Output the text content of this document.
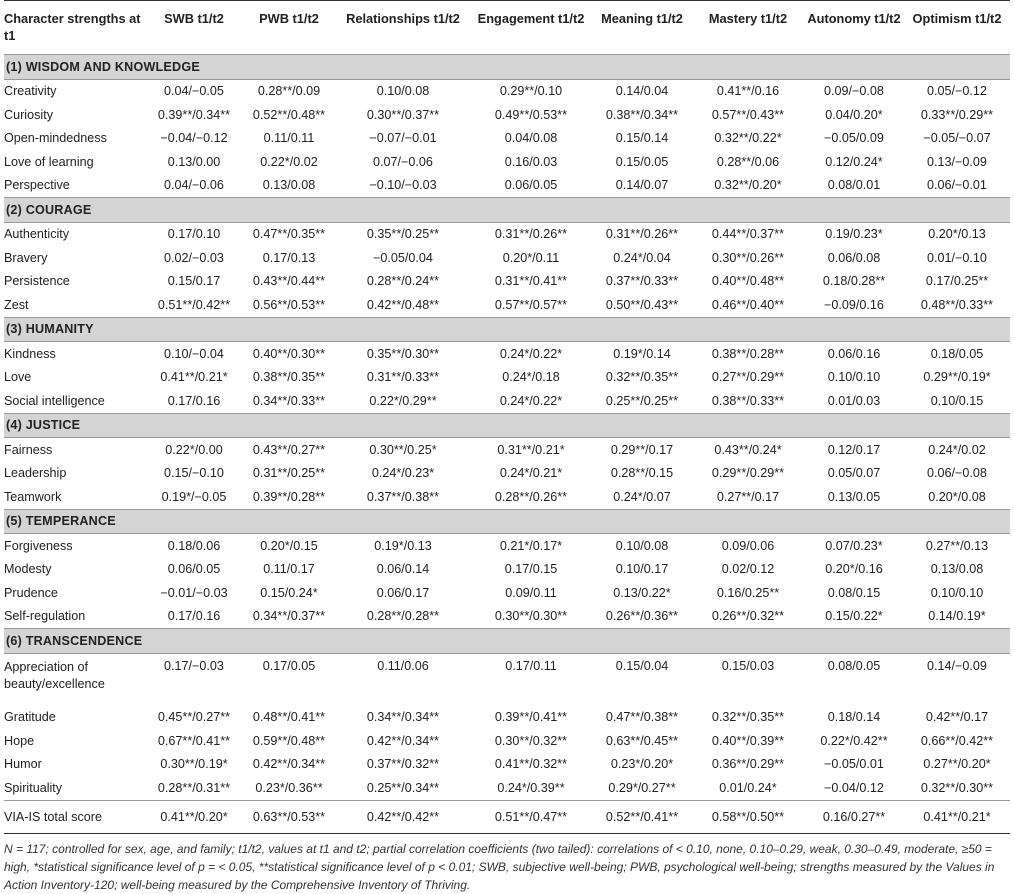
Character strengths at t1	SWB t1/t2	PWB t1/t2	Relationships t1/t2	Engagement t1/t2	Meaning t1/t2	Mastery t1/t2	Autonomy t1/t2	Optimism t1/t2
(1) WISDOM AND KNOWLEDGE								
Creativity	0.04/−0.05	0.28**/0.09	0.10/0.08	0.29**/0.10	0.14/0.04	0.41**/0.16	0.09/−0.08	0.05/−0.12
Curiosity	0.39**/0.34**	0.52**/0.48**	0.30**/0.37**	0.49**/0.53**	0.38**/0.34**	0.57**/0.43**	0.04/0.20*	0.33**/0.29**
Open-mindedness	−0.04/−0.12	0.11/0.11	−0.07/−0.01	0.04/0.08	0.15/0.14	0.32**/0.22*	−0.05/0.09	−0.05/−0.07
Love of learning	0.13/0.00	0.22*/0.02	0.07/−0.06	0.16/0.03	0.15/0.05	0.28**/0.06	0.12/0.24*	0.13/−0.09
Perspective	0.04/−0.06	0.13/0.08	−0.10/−0.03	0.06/0.05	0.14/0.07	0.32**/0.20*	0.08/0.01	0.06/−0.01
(2) COURAGE								
Authenticity	0.17/0.10	0.47**/0.35**	0.35**/0.25**	0.31**/0.26**	0.31**/0.26**	0.44**/0.37**	0.19/0.23*	0.20*/0.13
Bravery	0.02/−0.03	0.17/0.13	−0.05/0.04	0.20*/0.11	0.24*/0.04	0.30**/0.26**	0.06/0.08	0.01/−0.10
Persistence	0.15/0.17	0.43**/0.44**	0.28**/0.24**	0.31**/0.41**	0.37**/0.33**	0.40**/0.48**	0.18/0.28**	0.17/0.25**
Zest	0.51**/0.42**	0.56**/0.53**	0.42**/0.48**	0.57**/0.57**	0.50**/0.43**	0.46**/0.40**	−0.09/0.16	0.48**/0.33**
(3) HUMANITY								
Kindness	0.10/−0.04	0.40**/0.30**	0.35**/0.30**	0.24*/0.22*	0.19*/0.14	0.38**/0.28**	0.06/0.16	0.18/0.05
Love	0.41**/0.21*	0.38**/0.35**	0.31**/0.33**	0.24*/0.18	0.32**/0.35**	0.27**/0.29**	0.10/0.10	0.29**/0.19*
Social intelligence	0.17/0.16	0.34**/0.33**	0.22*/0.29**	0.24*/0.22*	0.25**/0.25**	0.38**/0.33**	0.01/0.03	0.10/0.15
(4) JUSTICE								
Fairness	0.22*/0.00	0.43**/0.27**	0.30**/0.25*	0.31**/0.21*	0.29**/0.17	0.43**/0.24*	0.12/0.17	0.24*/0.02
Leadership	0.15/−0.10	0.31**/0.25**	0.24*/0.23*	0.24*/0.21*	0.28**/0.15	0.29**/0.29**	0.05/0.07	0.06/−0.08
Teamwork	0.19*/−0.05	0.39**/0.28**	0.37**/0.38**	0.28**/0.26**	0.24*/0.07	0.27**/0.17	0.13/0.05	0.20*/0.08
(5) TEMPERANCE								
Forgiveness	0.18/0.06	0.20*/0.15	0.19*/0.13	0.21*/0.17*	0.10/0.08	0.09/0.06	0.07/0.23*	0.27**/0.13
Modesty	0.06/0.05	0.11/0.17	0.06/0.14	0.17/0.15	0.10/0.17	0.02/0.12	0.20*/0.16	0.13/0.08
Prudence	−0.01/−0.03	0.15/0.24*	0.06/0.17	0.09/0.11	0.13/0.22*	0.16/0.25**	0.08/0.15	0.10/0.10
Self-regulation	0.17/0.16	0.34**/0.37**	0.28**/0.28**	0.30**/0.30**	0.26**/0.36**	0.26**/0.32**	0.15/0.22*	0.14/0.19*
(6) TRANSCENDENCE								
Appreciation of beauty/excellence	0.17/−0.03	0.17/0.05	0.11/0.06	0.17/0.11	0.15/0.04	0.15/0.03	0.08/0.05	0.14/−0.09
Gratitude	0.45**/0.27**	0.48**/0.41**	0.34**/0.34**	0.39**/0.41**	0.47**/0.38**	0.32**/0.35**	0.18/0.14	0.42**/0.17
Hope	0.67**/0.41**	0.59**/0.48**	0.42**/0.34**	0.30**/0.32**	0.63**/0.45**	0.40**/0.39**	0.22*/0.42**	0.66**/0.42**
Humor	0.30**/0.19*	0.42**/0.34**	0.37**/0.32**	0.41**/0.32**	0.23*/0.20*	0.36**/0.29**	−0.05/0.01	0.27**/0.20*
Spirituality	0.28**/0.31**	0.23*/0.36**	0.25**/0.34**	0.24*/0.39**	0.29*/0.27**	0.01/0.24*	−0.04/0.12	0.32**/0.30**
VIA-IS total score	0.41**/0.20*	0.63**/0.53**	0.42**/0.42**	0.51**/0.47**	0.52**/0.41**	0.58**/0.50**	0.16/0.27**	0.41**/0.21*
N = 117; controlled for sex, age, and family; t1/t2, values at t1 and t2; partial correlation coefficients (two tailed): correlations of < 0.10, none, 0.10–0.29, weak, 0.30–0.49, moderate, ≥50 = high, *statistical significance level of p = < 0.05, **statistical significance level of p < 0.01; SWB, subjective well-being; PWB, psychological well-being; strengths measured by the Values in Action Inventory-120; well-being measured by the Comprehensive Inventory of Thriving.
